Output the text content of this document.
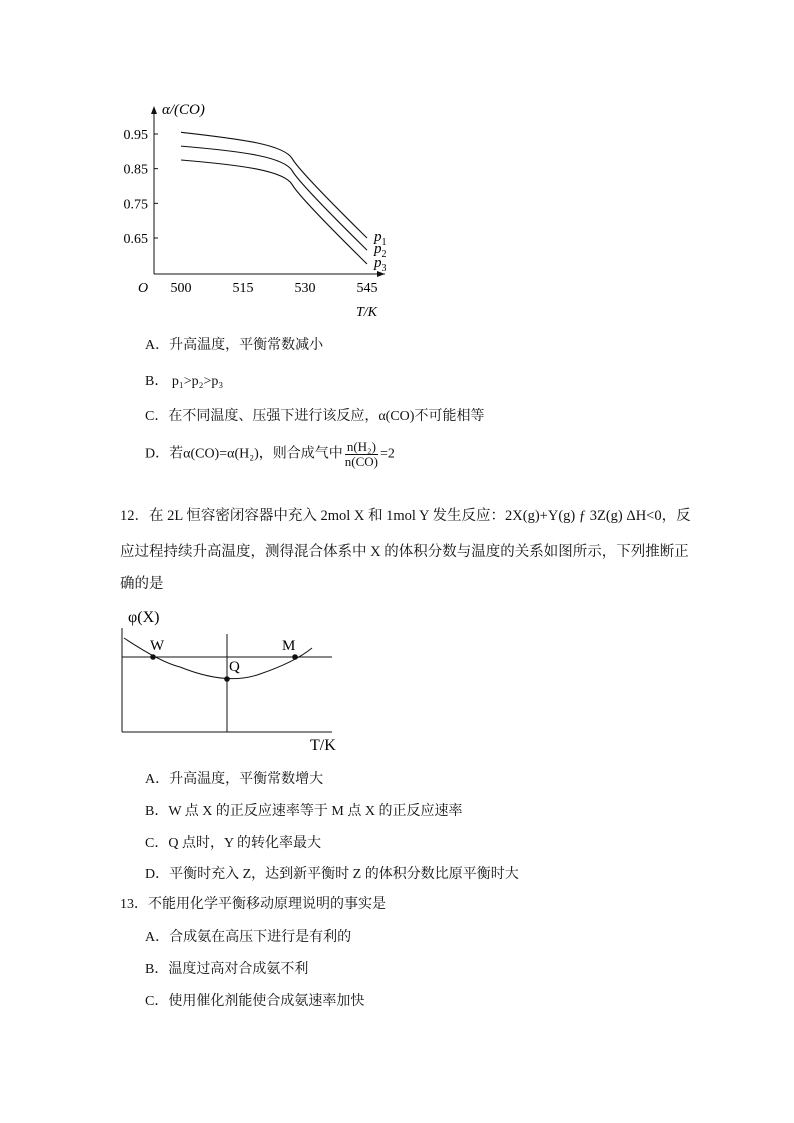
0.95
0.85
0.75
0.65
500	515	530	545
$p_1$
$p_2$
$p_3$
α/(CO)
T/K
O
A．升高温度，平衡常数减小
B． p₁>p₂>p₃
C．在不同温度、压强下进行该反应，α(CO)不可能相等
D．若α(CO)=α(H₂)，则合成气中 $\frac{\text{n(H₂)}}{n(CO)} =2$
12．在 2L 恒容密闭容器中充入 2mol X 和 1mol Y 发生反应：2X(g)+Y(g) ƒ 3Z(g) ΔH<0，反
应过程持续升高温度，测得混合体系中 X 的体积分数与温度的关系如图所示，下列推断正
确的是
φ(X)
T/K
W
Q
M
A．升高温度，平衡常数增大
B．W 点 X 的正反应速率等于 M 点 X 的正反应速率
C．Q 点时，Y 的转化率最大
D．平衡时充入 Z，达到新平衡时 Z 的体积分数比原平衡时大
13．不能用化学平衡移动原理说明的事实是
A．合成氨在高压下进行是有利的
B．温度过高对合成氨不利
C．使用催化剂能使合成氨速率加快
